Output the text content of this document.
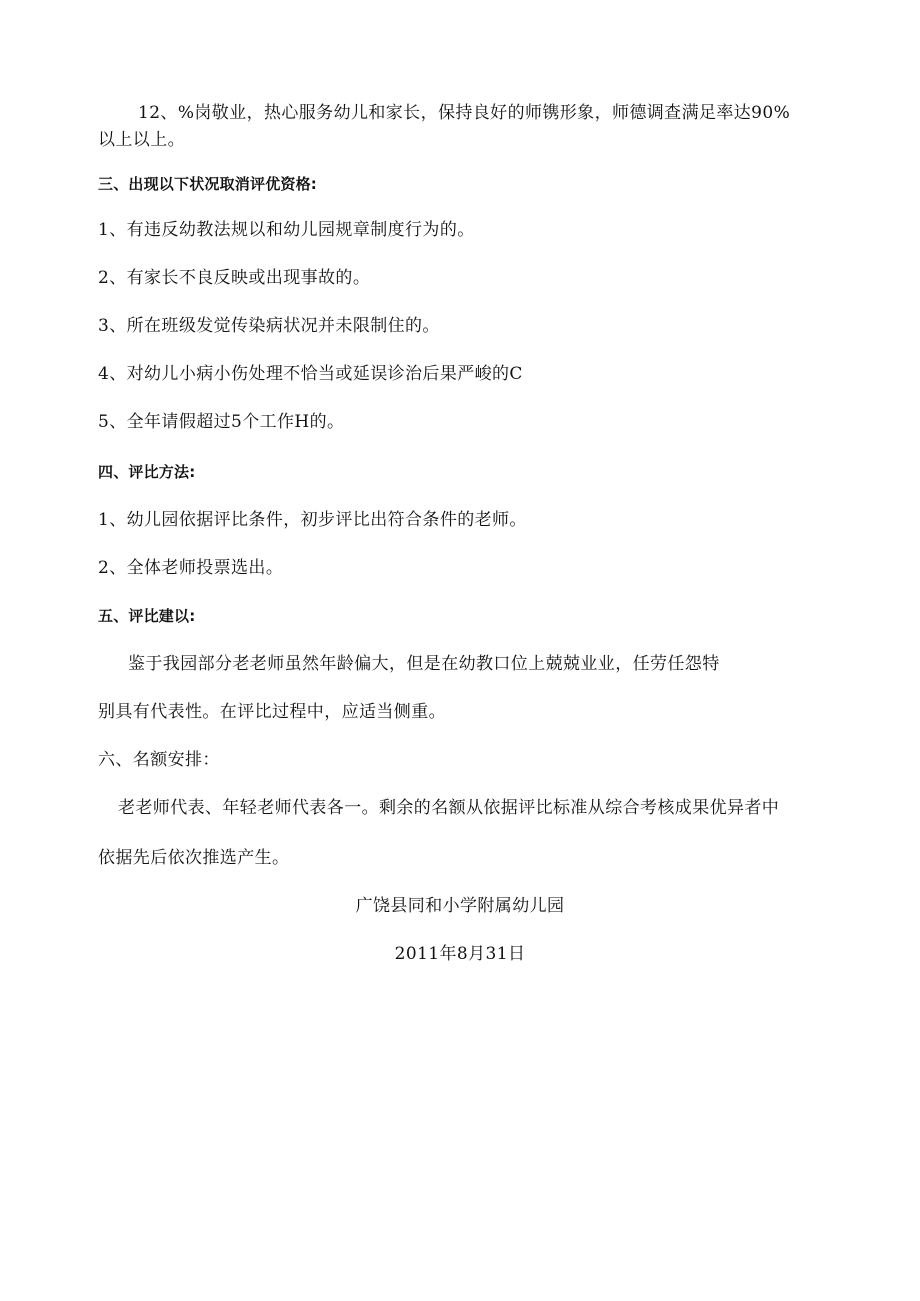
12、%岗敬业，热心服务幼儿和家长，保持良好的师镌形象，师德调查满足率达90%
以上以上。
三、出现以下状况取消评优资格:
1、有违反幼教法规以和幼儿园规章制度行为的。
2、有家长不良反映或出现事故的。
3、所在班级发觉传染病状况并未限制住的。
4、对幼儿小病小伤处理不恰当或延误诊治后果严峻的C
5、全年请假超过5个工作H的。
四、评比方法:
1、幼儿园依据评比条件，初步评比出符合条件的老师。
2、全体老师投票选出。
五、评比建以:
鉴于我园部分老老师虽然年龄偏大，但是在幼教口位上兢兢业业，任劳任怨特
别具有代表性。在评比过程中，应适当侧重。
六、名额安排：
老老师代表、年轻老师代表各一。剩余的名额从依据评比标准从综合考核成果优异者中
依据先后依次推选产生。
广饶县同和小学附属幼儿园
2011年8月31日
